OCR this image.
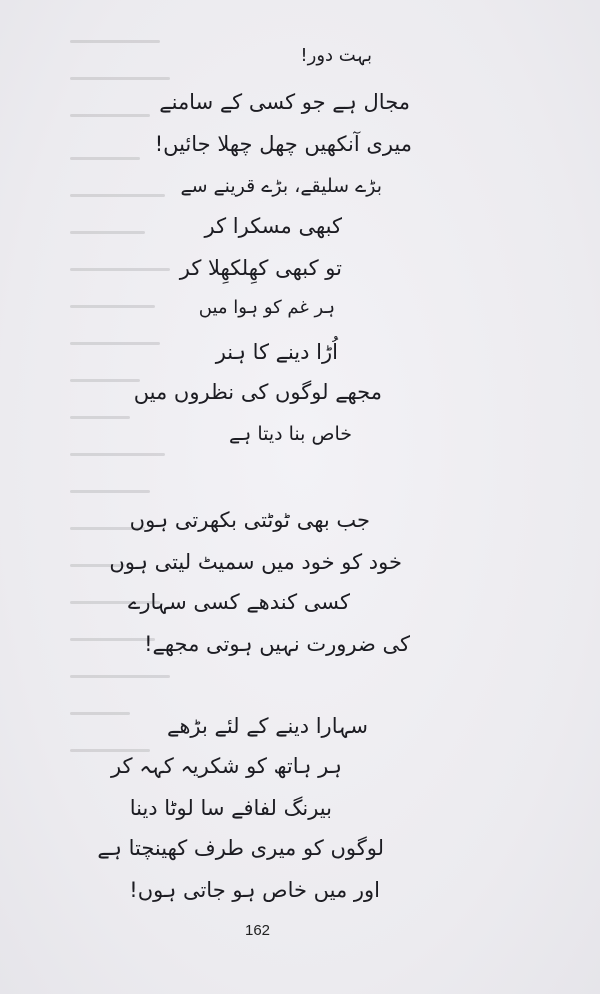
بہت دور!
مجال ہے جو کسی کے سامنے
میری آنکھیں چھل چھلا جائیں!
بڑے سلیقے، بڑے قرینے سے
کبھی مسکرا کر
تو کبھی کھِلکھِلا کر
ہر غم کو ہوا میں
اُڑا دینے کا ہنر
مجھے لوگوں کی نظروں میں
خاص بنا دیتا ہے
جب بھی ٹوٹتی بکھرتی ہوں
خود کو خود میں سمیٹ لیتی ہوں
کسی کندھے کسی سہارے
کی ضرورت نہیں ہوتی مجھے!
سہارا دینے کے لئے بڑھے
ہر ہاتھ کو شکریہ کہہ کر
بیرنگ لفافے سا لوٹا دینا
لوگوں کو میری طرف کھینچتا ہے
اور میں خاص ہو جاتی ہوں!
162
